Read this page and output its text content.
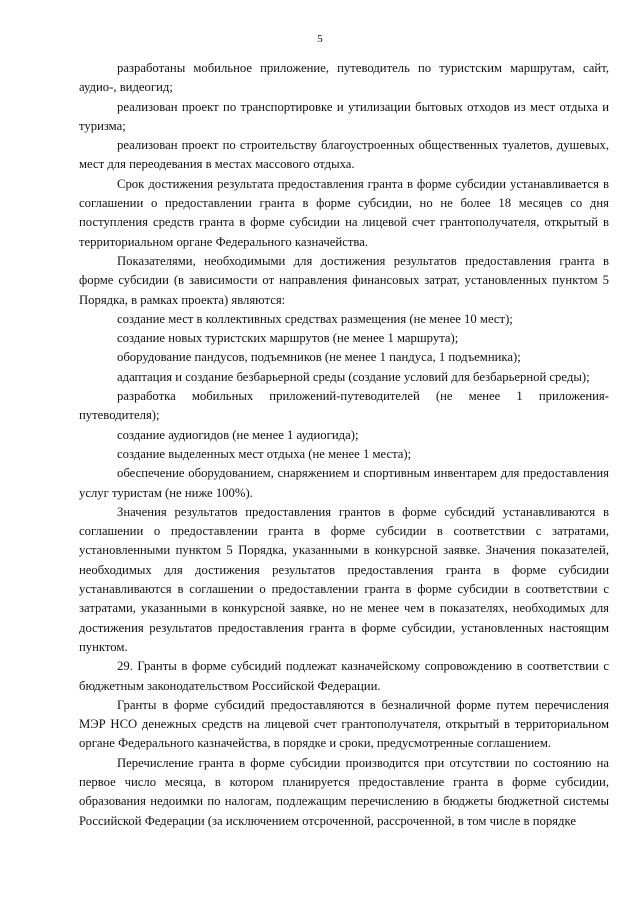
5

разработаны мобильное приложение, путеводитель по туристским маршрутам, сайт, аудио-, видеогид;

реализован проект по транспортировке и утилизации бытовых отходов из мест отдыха и туризма;

реализован проект по строительству благоустроенных общественных туалетов, душевых, мест для переодевания в местах массового отдыха.

Срок достижения результата предоставления гранта в форме субсидии устанавливается в соглашении о предоставлении гранта в форме субсидии, но не более 18 месяцев со дня поступления средств гранта в форме субсидии на лицевой счет грантополучателя, открытый в территориальном органе Федерального казначейства.

Показателями, необходимыми для достижения результатов предоставления гранта в форме субсидии (в зависимости от направления финансовых затрат, установленных пунктом 5 Порядка, в рамках проекта) являются:

создание мест в коллективных средствах размещения (не менее 10 мест);

создание новых туристских маршрутов (не менее 1 маршрута);

оборудование пандусов, подъемников (не менее 1 пандуса, 1 подъемника);

адаптация и создание безбарьерной среды (создание условий для безбарьерной среды);

разработка мобильных приложений-путеводителей (не менее 1 приложения-путеводителя);

создание аудиогидов (не менее 1 аудиогида);

создание выделенных мест отдыха (не менее 1 места);

обеспечение оборудованием, снаряжением и спортивным инвентарем для предоставления услуг туристам (не ниже 100%).

Значения результатов предоставления грантов в форме субсидий устанавливаются в соглашении о предоставлении гранта в форме субсидии в соответствии с затратами, установленными пунктом 5 Порядка, указанными в конкурсной заявке. Значения показателей, необходимых для достижения результатов предоставления гранта в форме субсидии устанавливаются в соглашении о предоставлении гранта в форме субсидии в соответствии с затратами, указанными в конкурсной заявке, но не менее чем в показателях, необходимых для достижения результатов предоставления гранта в форме субсидии, установленных настоящим пунктом.

29. Гранты в форме субсидий подлежат казначейскому сопровождению в соответствии с бюджетным законодательством Российской Федерации.

Гранты в форме субсидий предоставляются в безналичной форме путем перечисления МЭР НСО денежных средств на лицевой счет грантополучателя, открытый в территориальном органе Федерального казначейства, в порядке и сроки, предусмотренные соглашением.

Перечисление гранта в форме субсидии производится при отсутствии по состоянию на первое число месяца, в котором планируется предоставление гранта в форме субсидии, образования недоимки по налогам, подлежащим перечислению в бюджеты бюджетной системы Российской Федерации (за исключением отсроченной, рассроченной, в том числе в порядке
